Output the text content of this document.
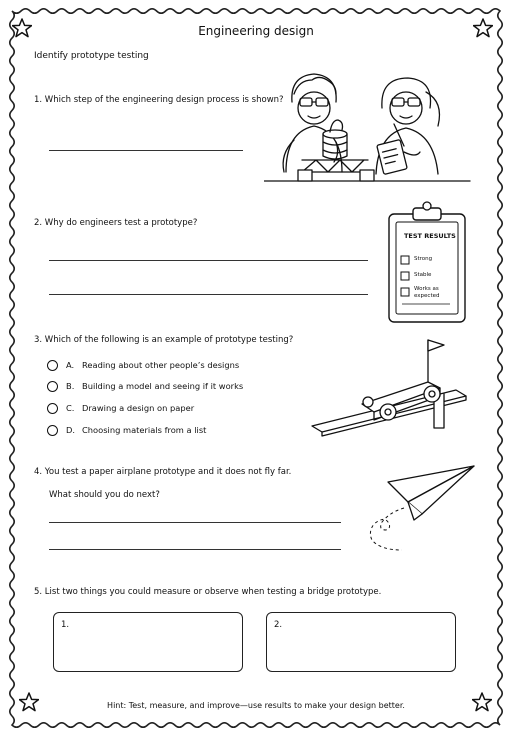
Engineering design
Identify prototype testing
1. Which step of the engineering design process is shown?
2. Why do engineers test a prototype?
TEST RESULTS
Strong
Stable
Works as
expected
3. Which of the following is an example of prototype testing?
A. Reading about other people’s designs
B. Building a model and seeing if it works
C. Drawing a design on paper
D. Choosing materials from a list
4. You test a paper airplane prototype and it does not fly far.
What should you do next?
5. List two things you could measure or observe when testing a bridge prototype.
1.	2.
Hint: Test, measure, and improve—use results to make your design better.
